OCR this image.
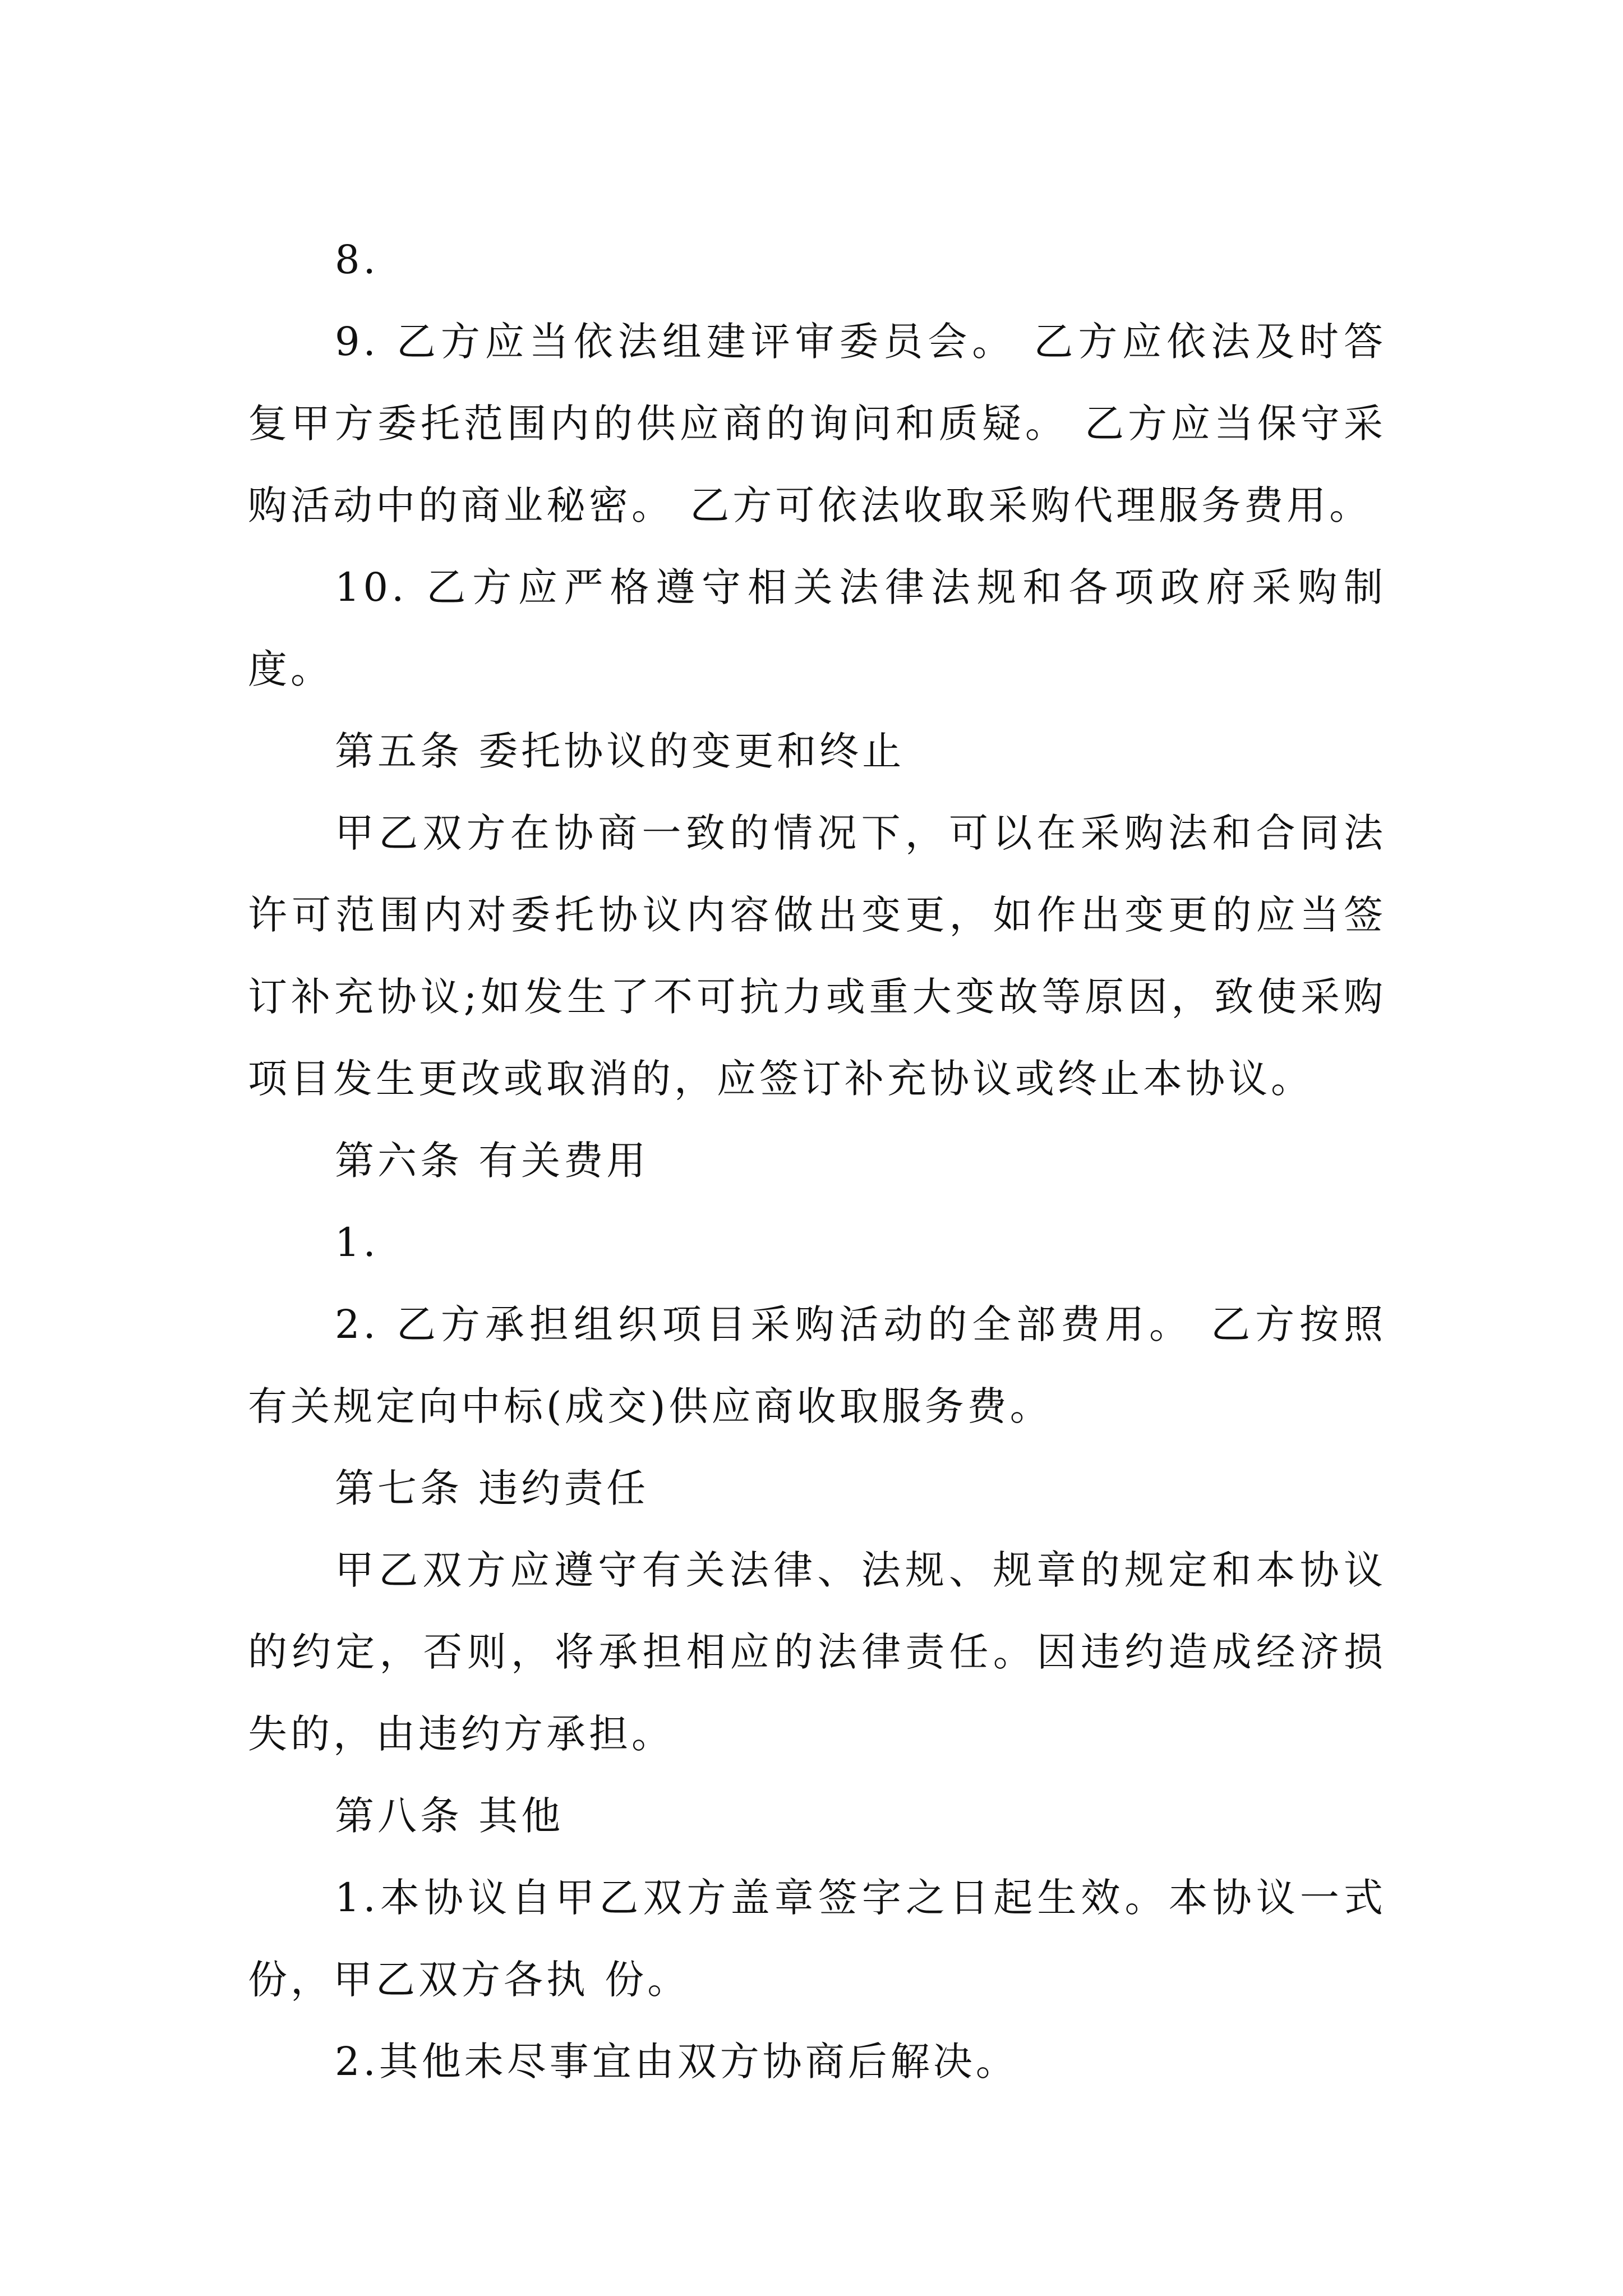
8.

9. 乙方应当依法组建评审委员会。 乙方应依法及时答复甲方委托范围内的供应商的询问和质疑。 乙方应当保守采购活动中的商业秘密。 乙方可依法收取采购代理服务费用。

10. 乙方应严格遵守相关法律法规和各项政府采购制度。

第五条 委托协议的变更和终止

甲乙双方在协商一致的情况下，可以在采购法和合同法许可范围内对委托协议内容做出变更，如作出变更的应当签订补充协议;如发生了不可抗力或重大变故等原因，致使采购项目发生更改或取消的，应签订补充协议或终止本协议。

第六条 有关费用

1.

2. 乙方承担组织项目采购活动的全部费用。 乙方按照有关规定向中标(成交)供应商收取服务费。

第七条 违约责任

甲乙双方应遵守有关法律、法规、规章的规定和本协议的约定，否则，将承担相应的法律责任。因违约造成经济损失的，由违约方承担。

第八条 其他

1.本协议自甲乙双方盖章签字之日起生效。本协议一式 份，甲乙双方各执 份。

2.其他未尽事宜由双方协商后解决。
